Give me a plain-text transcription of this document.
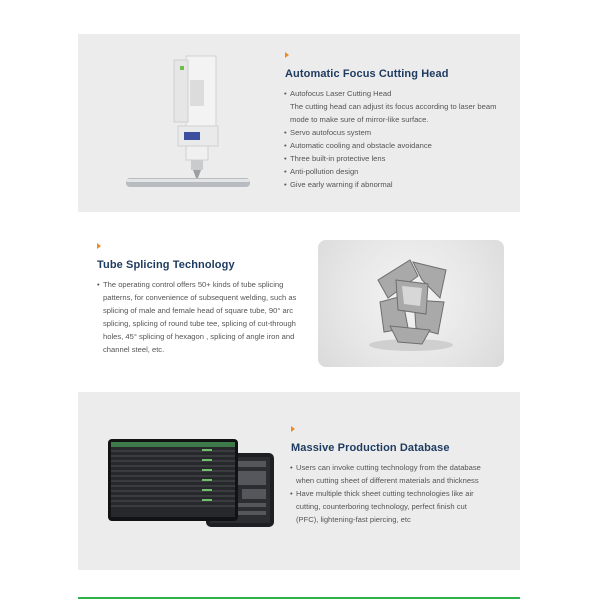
Automatic Focus Cutting Head
• Autofocus Laser Cutting Head
The cutting head can adjust its focus according to laser beam mode to make sure of mirror-like surface.
• Servo autofocus system
• Automatic cooling and obstacle avoidance
• Three built-in protective lens
• Anti-pollution design
• Give early warning if abnormal
Tube Splicing Technology
• The operating control offers 50+ kinds of tube splicing patterns, for convenience of subsequent welding, such as splicing of male and female head of square tube, 90° arc splicing, splicing of round tube tee, splicing of cut-through holes, 45° splicing of hexagon , splicing of angle iron and channel steel, etc.
Massive Production Database
• Users can invoke cutting technology from the database when cutting sheet of different materials and thickness
• Have multiple thick sheet cutting technologies like air cutting, counterboring technology, perfect finish cut (PFC), lightening-fast piercing, etc
